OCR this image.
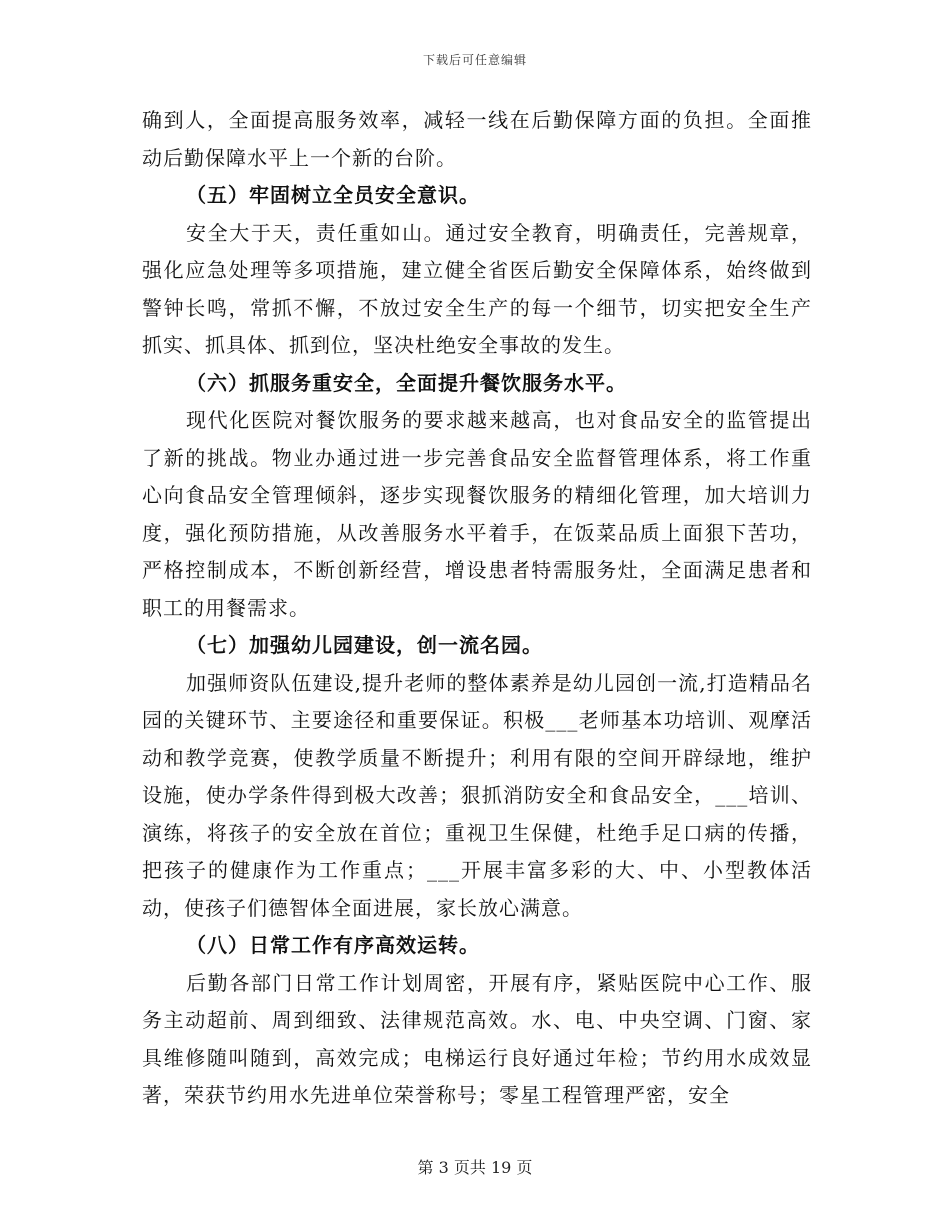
下载后可任意编辑

确到人，全面提高服务效率，减轻一线在后勤保障方面的负担。全面推动后勤保障水平上一个新的台阶。

（五）牢固树立全员安全意识。

安全大于天，责任重如山。通过安全教育，明确责任，完善规章，强化应急处理等多项措施，建立健全省医后勤安全保障体系，始终做到警钟长鸣，常抓不懈，不放过安全生产的每一个细节，切实把安全生产抓实、抓具体、抓到位，坚决杜绝安全事故的发生。

（六）抓服务重安全，全面提升餐饮服务水平。

现代化医院对餐饮服务的要求越来越高，也对食品安全的监管提出了新的挑战。物业办通过进一步完善食品安全监督管理体系，将工作重心向食品安全管理倾斜，逐步实现餐饮服务的精细化管理，加大培训力度，强化预防措施，从改善服务水平着手，在饭菜品质上面狠下苦功，严格控制成本，不断创新经营，增设患者特需服务灶，全面满足患者和职工的用餐需求。

（七）加强幼儿园建设，创一流名园。

加强师资队伍建设,提升老师的整体素养是幼儿园创一流,打造精品名园的关键环节、主要途径和重要保证。积极___老师基本功培训、观摩活动和教学竞赛，使教学质量不断提升；利用有限的空间开辟绿地，维护设施，使办学条件得到极大改善；狠抓消防安全和食品安全，___培训、演练，将孩子的安全放在首位；重视卫生保健，杜绝手足口病的传播，把孩子的健康作为工作重点；___开展丰富多彩的大、中、小型教体活动，使孩子们德智体全面进展，家长放心满意。

（八）日常工作有序高效运转。

后勤各部门日常工作计划周密，开展有序，紧贴医院中心工作、服务主动超前、周到细致、法律规范高效。水、电、中央空调、门窗、家具维修随叫随到，高效完成；电梯运行良好通过年检；节约用水成效显著，荣获节约用水先进单位荣誉称号；零星工程管理严密，安全

第 3 页共 19 页
